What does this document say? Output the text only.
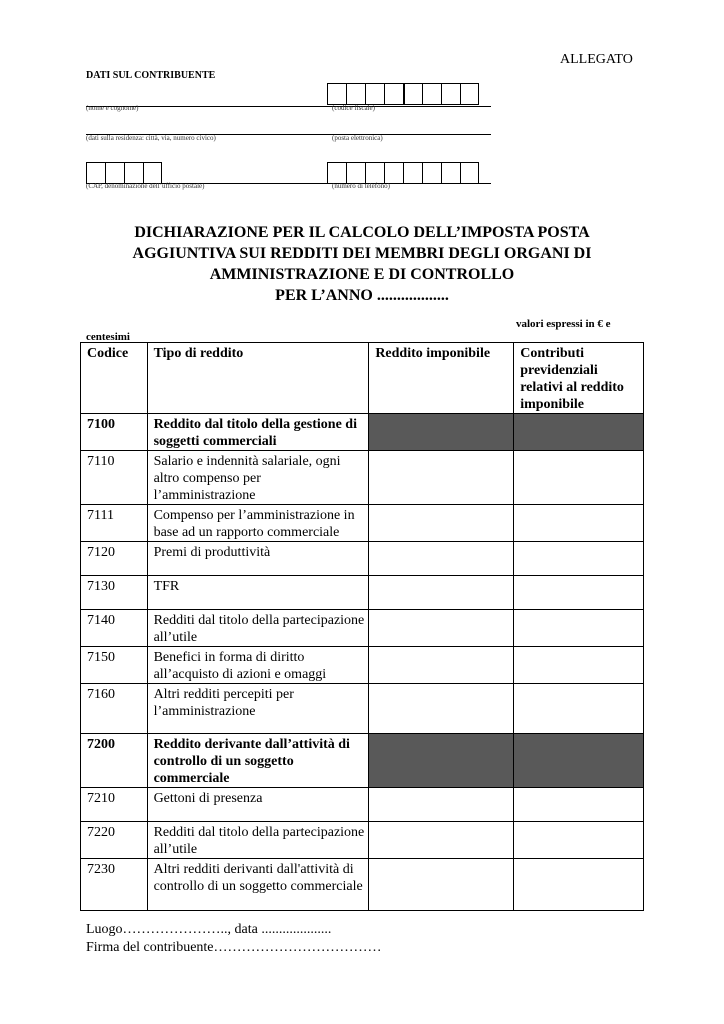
ALLEGATO
DATI SUL CONTRIBUENTE
(nome e cognome)	(codice fiscale)
(dati sulla residenza: città, via, numero civico)	(posta elettronica)
(CAP, denominazione dell’ufficio postale)	(numero di telefono)
DICHIARAZIONE PER IL CALCOLO DELL’IMPOSTA POSTA
AGGIUNTIVA SUI REDDITI DEI MEMBRI DEGLI ORGANI DI
AMMINISTRAZIONE E DI CONTROLLO
PER L’ANNO ..................
valori espressi in € e
centesimi
Codice	Tipo di reddito	Reddito imponibile	Contributi previdenziali relativi al reddito imponibile
7100	Reddito dal titolo della gestione di soggetti commerciali		
7110	Salario e indennità salariale, ogni altro compenso per l’amministrazione		
7111	Compenso per l’amministrazione in base ad un rapporto commerciale		
7120	Premi di produttività		
7130	TFR		
7140	Redditi dal titolo della partecipazione all’utile		
7150	Benefici in forma di diritto all’acquisto di azioni e omaggi		
7160	Altri redditi percepiti per l’amministrazione		
7200	Reddito derivante dall’attività di controllo di un soggetto commerciale		
7210	Gettoni di presenza		
7220	Redditi dal titolo della partecipazione all’utile		
7230	Altri redditi derivanti dall'attività di controllo di un soggetto commerciale		
Luogo………………….., data ....................
Firma del contribuente………………………………
